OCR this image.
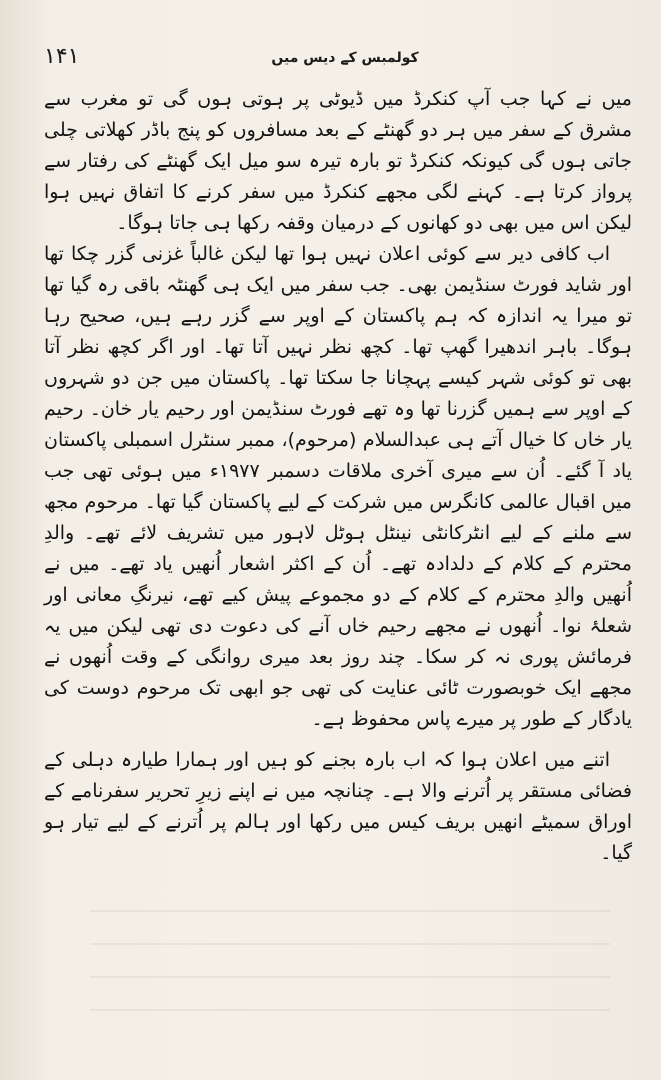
۱۴۱	کولمبس کے دیس میں

میں نے کہا جب آپ کنکرڈ میں ڈیوٹی پر ہوتی ہوں گی تو مغرب سے مشرق کے سفر میں ہر دو گھنٹے کے بعد مسافروں کو پنج باڈر کھلاتی چلی جاتی ہوں گی کیونکہ کنکرڈ تو بارہ تیرہ سو میل ایک گھنٹے کی رفتار سے پرواز کرتا ہے۔ کہنے لگی مجھے کنکرڈ میں سفر کرنے کا اتفاق نہیں ہوا لیکن اس میں بھی دو کھانوں کے درمیان وقفہ رکھا ہی جاتا ہوگا۔

اب کافی دیر سے کوئی اعلان نہیں ہوا تھا لیکن غالباً غزنی گزر چکا تھا اور شاید فورٹ سنڈیمن بھی۔ جب سفر میں ایک ہی گھنٹہ باقی رہ گیا تھا تو میرا یہ اندازہ کہ ہم پاکستان کے اوپر سے گزر رہے ہیں، صحیح رہا ہوگا۔ باہر اندھیرا گھپ تھا۔ کچھ نظر نہیں آتا تھا۔ اور اگر کچھ نظر آتا بھی تو کوئی شہر کیسے پہچانا جا سکتا تھا۔ پاکستان میں جن دو شہروں کے اوپر سے ہمیں گزرنا تھا وہ تھے فورٹ سنڈیمن اور رحیم یار خان۔ رحیم یار خاں کا خیال آتے ہی عبدالسلام (مرحوم)، ممبر سنٹرل اسمبلی پاکستان یاد آ گئے۔ اُن سے میری آخری ملاقات دسمبر ۱۹۷۷ء میں ہوئی تھی جب میں اقبال عالمی کانگرس میں شرکت کے لیے پاکستان گیا تھا۔ مرحوم مجھ سے ملنے کے لیے انٹرکانٹی نینٹل ہوٹل لاہور میں تشریف لائے تھے۔ والدِ محترم کے کلام کے دلدادہ تھے۔ اُن کے اکثر اشعار اُنھیں یاد تھے۔ میں نے اُنھیں والدِ محترم کے کلام کے دو مجموعے پیش کیے تھے، نیرنگِ معانی اور شعلۂ نوا۔ اُنھوں نے مجھے رحیم خاں آنے کی دعوت دی تھی لیکن میں یہ فرمائش پوری نہ کر سکا۔ چند روز بعد میری روانگی کے وقت اُنھوں نے مجھے ایک خوبصورت ٹائی عنایت کی تھی جو ابھی تک مرحوم دوست کی یادگار کے طور پر میرے پاس محفوظ ہے۔

اتنے میں اعلان ہوا کہ اب بارہ بجنے کو ہیں اور ہمارا طیارہ دہلی کے فضائی مستقر پر اُترنے والا ہے۔ چنانچہ میں نے اپنے زیرِ تحریر سفرنامے کے اوراق سمیٹے انھیں بریف کیس میں رکھا اور ہالم پر اُترنے کے لیے تیار ہو گیا۔
